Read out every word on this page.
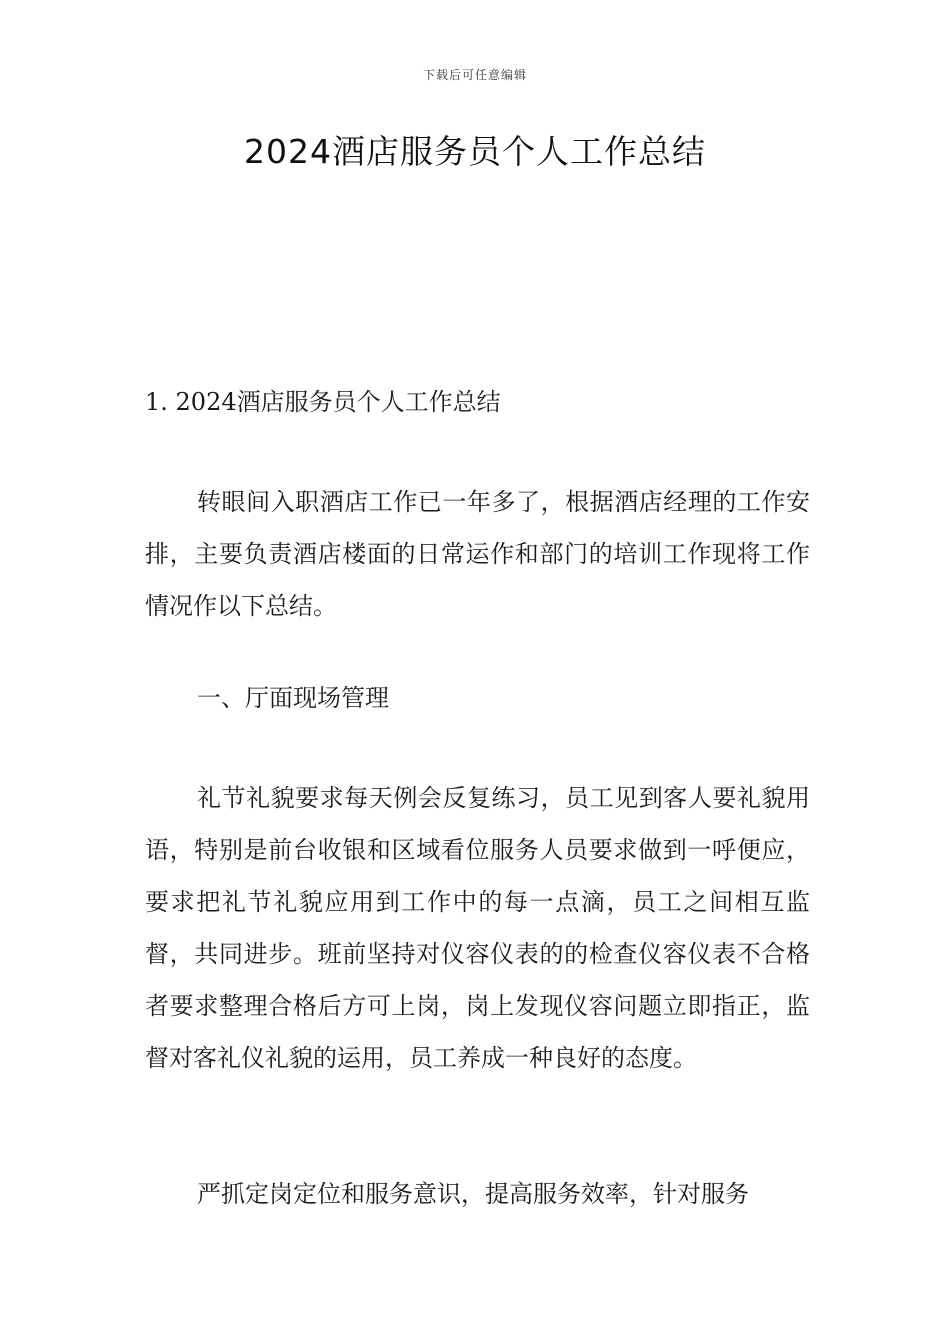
下载后可任意编辑
2024酒店服务员个人工作总结
1. 2024酒店服务员个人工作总结

转眼间入职酒店工作已一年多了，根据酒店经理的工作安排，主要负责酒店楼面的日常运作和部门的培训工作现将工作情况作以下总结。

一、厅面现场管理

礼节礼貌要求每天例会反复练习，员工见到客人要礼貌用语，特别是前台收银和区域看位服务人员要求做到一呼便应，要求把礼节礼貌应用到工作中的每一点滴，员工之间相互监督，共同进步。班前坚持对仪容仪表的的检查仪容仪表不合格者要求整理合格后方可上岗，岗上发现仪容问题立即指正，监督对客礼仪礼貌的运用，员工养成一种良好的态度。

严抓定岗定位和服务意识，提高服务效率，针对服务
